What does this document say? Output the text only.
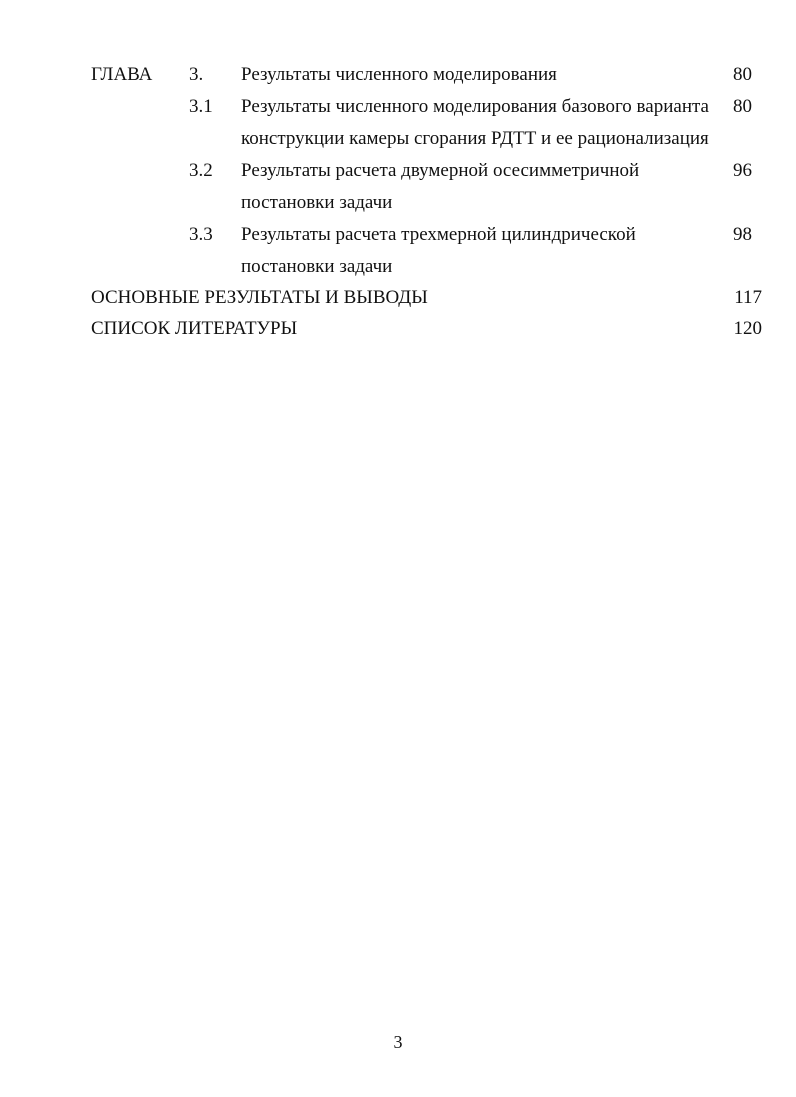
ГЛАВА 3. Результаты численного моделирования	80
3.1 Результаты численного моделирования базового варианта 80
конструкции камеры сгорания РДТТ и ее рационализация
3.2 Результаты расчета двумерной осесимметричной	96
постановки задачи
3.3 Результаты расчета трехмерной цилиндрической	98
постановки задачи
ОСНОВНЫЕ РЕЗУЛЬТАТЫ И ВЫВОДЫ	117
СПИСОК ЛИТЕРАТУРЫ	120
3
